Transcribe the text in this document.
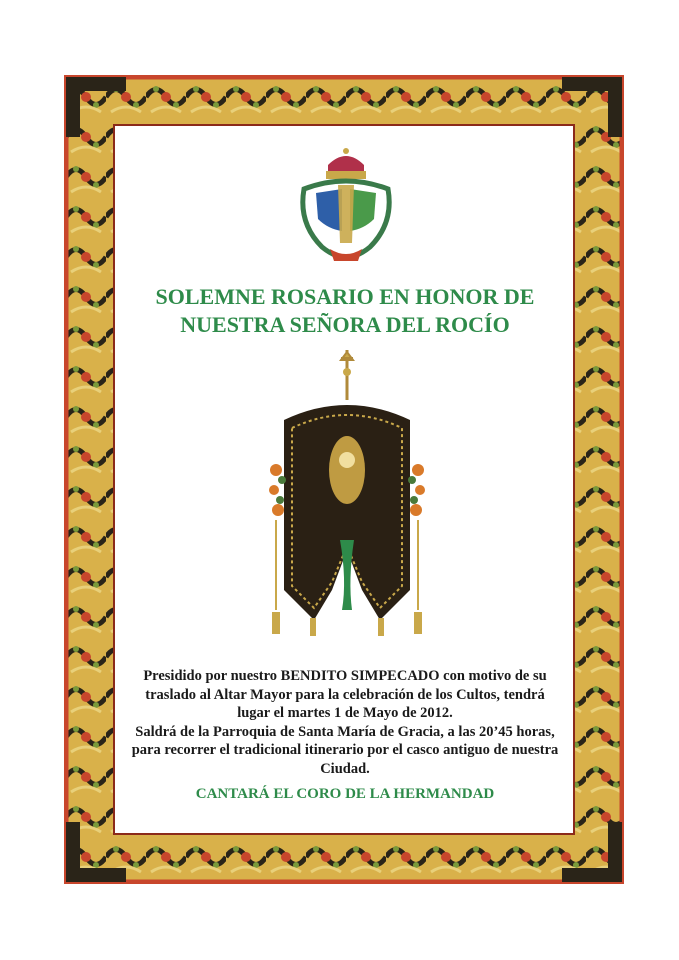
SOLEMNE ROSARIO EN HONOR DE
NUESTRA SEÑORA DEL ROCÍO

Presidido por nuestro BENDITO SIMPECADO con motivo de su traslado al Altar Mayor para la celebración de los Cultos, tendrá lugar el martes 1 de Mayo de 2012.

Saldrá de la Parroquia de Santa María de Gracia, a las 20’45 horas, para recorrer el tradicional itinerario por el casco antiguo de nuestra Ciudad.

CANTARÁ EL CORO DE LA HERMANDAD
